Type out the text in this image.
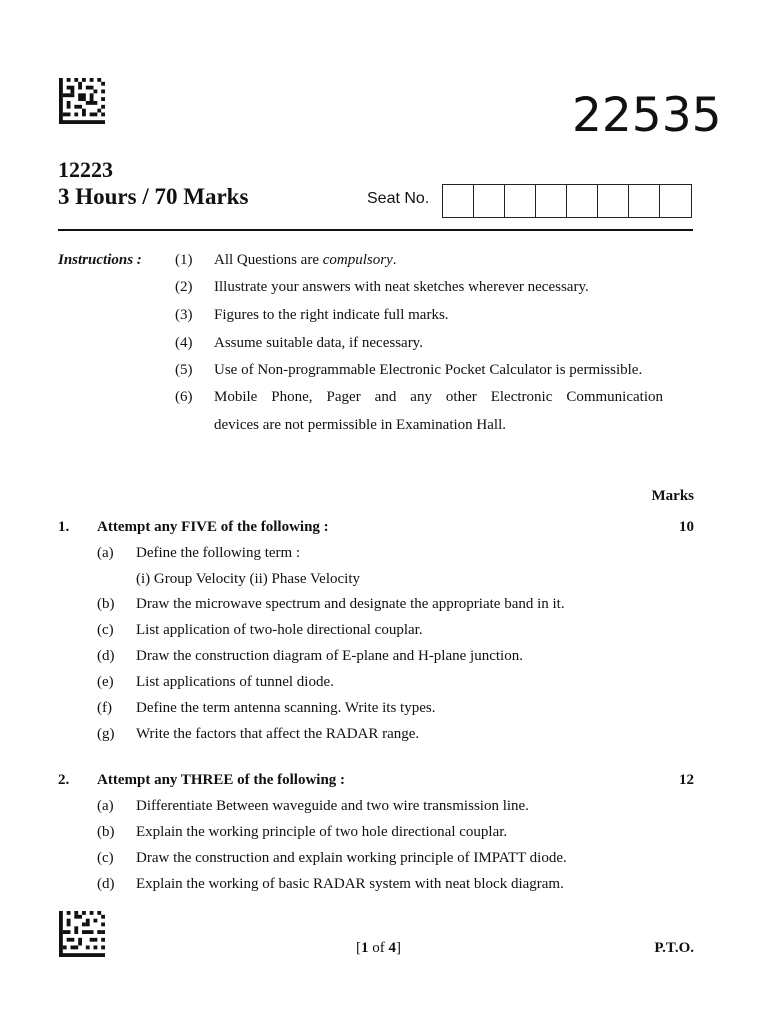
22535
12223
3 Hours / 70 Marks	Seat No.
Instructions : (1) All Questions are compulsory.
(2) Illustrate your answers with neat sketches wherever necessary.
(3) Figures to the right indicate full marks.
(4) Assume suitable data, if necessary.
(5) Use of Non-programmable Electronic Pocket Calculator is permissible.
(6) Mobile Phone, Pager and any other Electronic Communication
devices are not permissible in Examination Hall.
Marks
1. Attempt any FIVE of the following :	10
(a) Define the following term :
(i) Group Velocity (ii) Phase Velocity
(b) Draw the microwave spectrum and designate the appropriate band in it.
(c) List application of two-hole directional couplar.
(d) Draw the construction diagram of E-plane and H-plane junction.
(e) List applications of tunnel diode.
(f) Define the term antenna scanning. Write its types.
(g) Write the factors that affect the RADAR range.
2. Attempt any THREE of the following :	12
(a) Differentiate Between waveguide and two wire transmission line.
(b) Explain the working principle of two hole directional couplar.
(c) Draw the construction and explain working principle of IMPATT diode.
(d) Explain the working of basic RADAR system with neat block diagram.
[1 of 4]	P.T.O.
